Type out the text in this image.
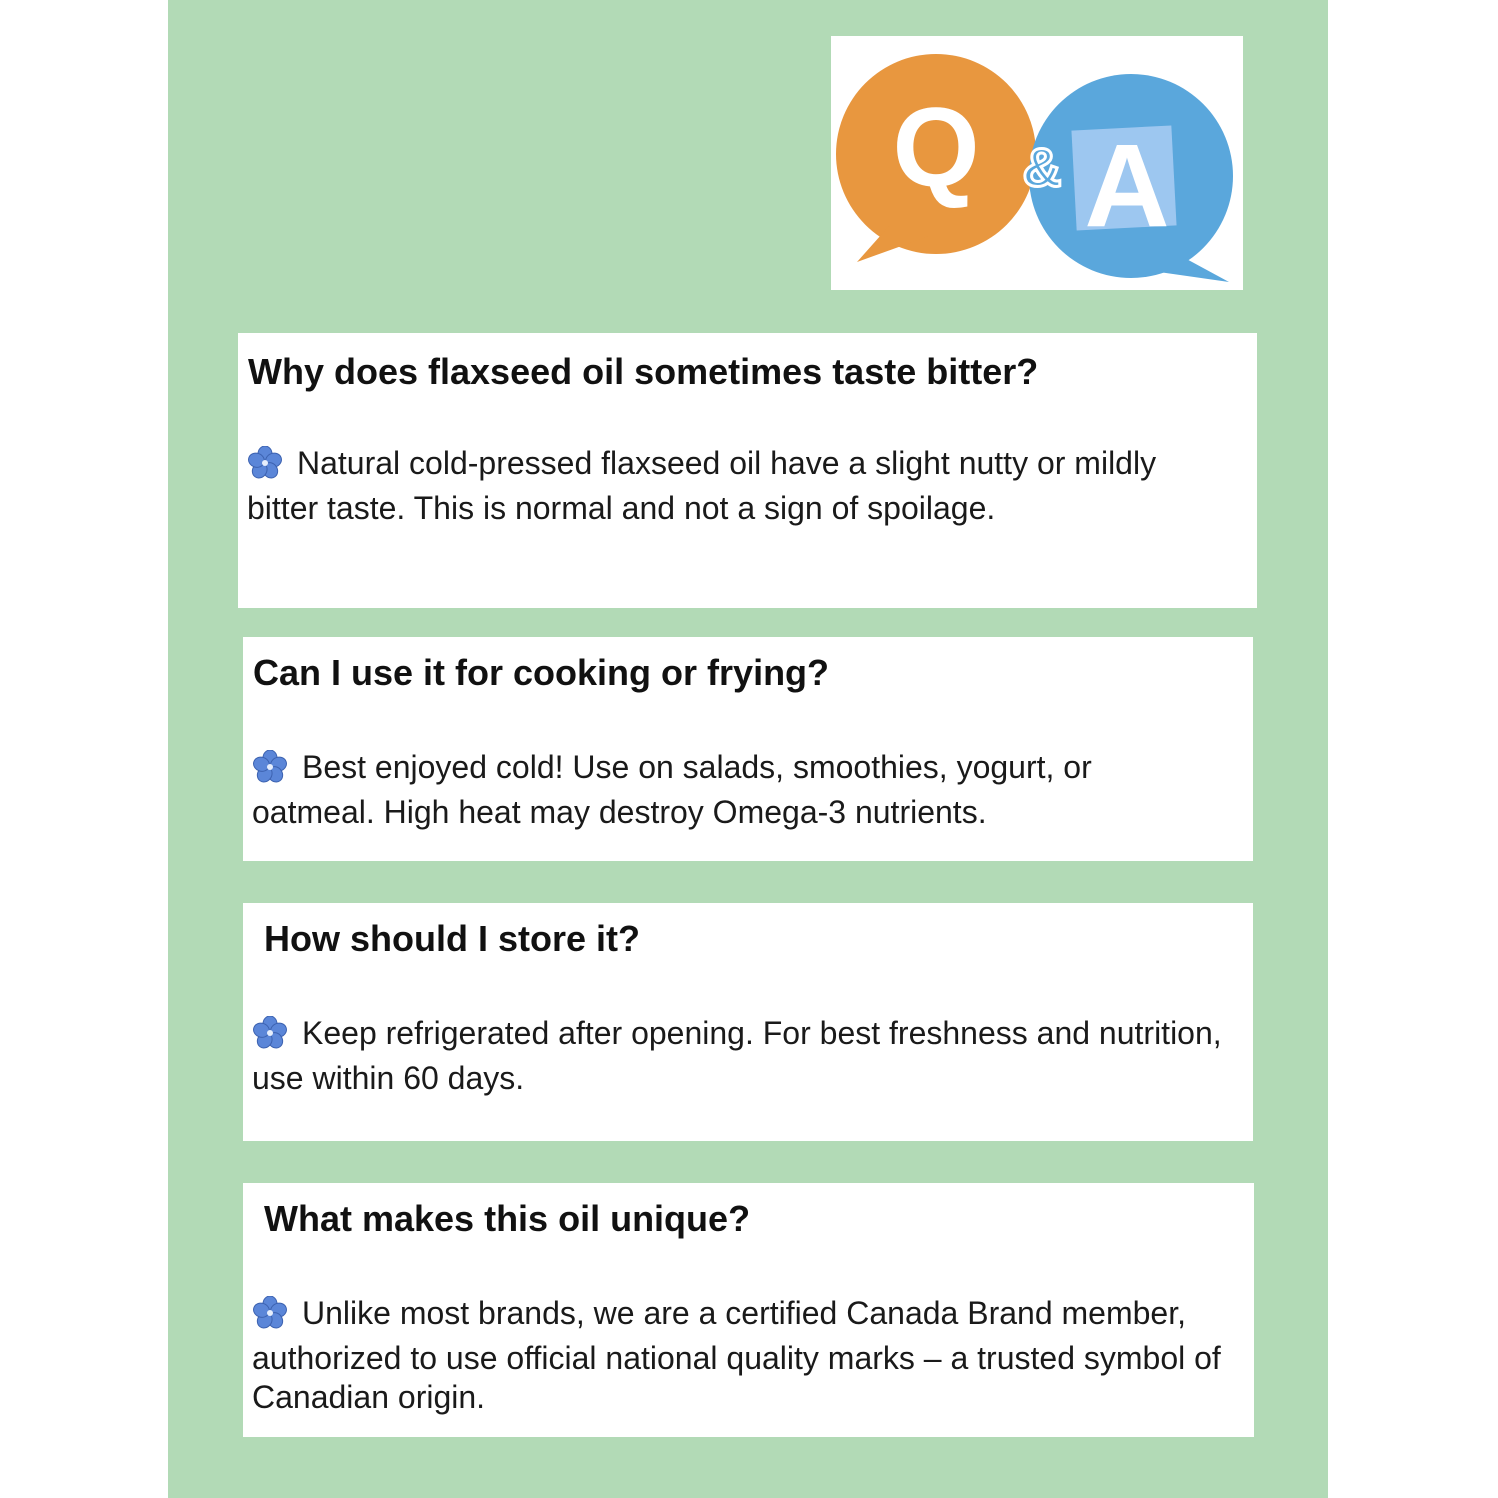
Q & A

Why does flaxseed oil sometimes taste bitter?

Natural cold-pressed flaxseed oil have a slight nutty or mildly bitter taste. This is normal and not a sign of spoilage.

Can I use it for cooking or frying?

Best enjoyed cold! Use on salads, smoothies, yogurt, or oatmeal. High heat may destroy Omega-3 nutrients.

How should I store it?

Keep refrigerated after opening. For best freshness and nutrition, use within 60 days.

What makes this oil unique?

Unlike most brands, we are a certified Canada Brand member, authorized to use official national quality marks – a trusted symbol of Canadian origin.
